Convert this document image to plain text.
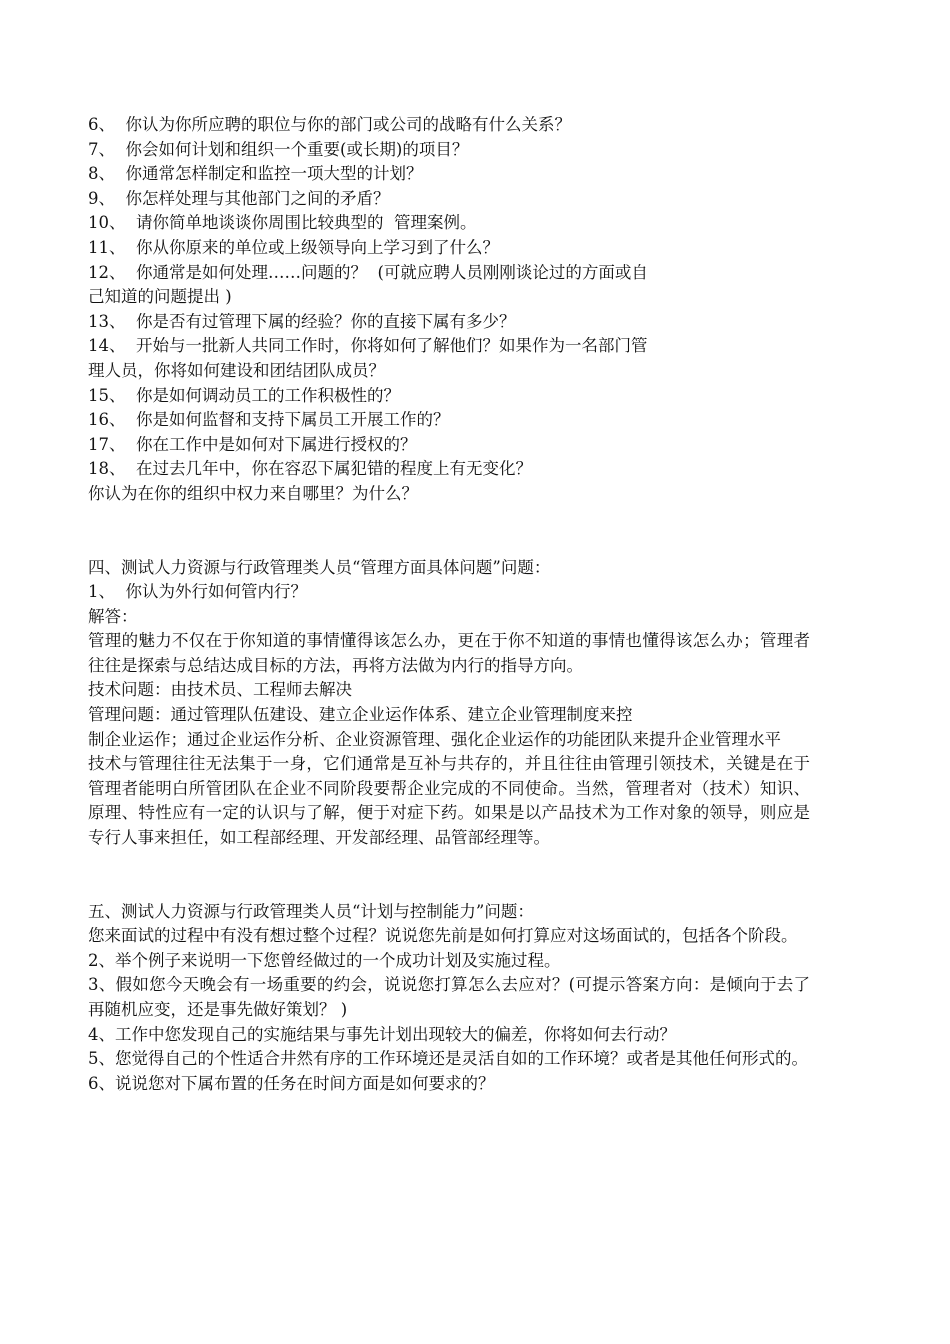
6、  你认为你所应聘的职位与你的部门或公司的战略有什么关系？
7、  你会如何计划和组织一个重要(或长期)的项目？
8、  你通常怎样制定和监控一项大型的计划？
9、  你怎样处理与其他部门之间的矛盾？
10、  请你简单地谈谈你周围比较典型的  管理案例。
11、  你从你原来的单位或上级领导向上学习到了什么？
12、  你通常是如何处理……问题的？  (可就应聘人员刚刚谈论过的方面或自
己知道的问题提出 )
13、  你是否有过管理下属的经验？你的直接下属有多少？
14、  开始与一批新人共同工作时，你将如何了解他们？如果作为一名部门管
理人员，你将如何建设和团结团队成员？
15、  你是如何调动员工的工作积极性的？
16、  你是如何监督和支持下属员工开展工作的？
17、  你在工作中是如何对下属进行授权的？
18、  在过去几年中，你在容忍下属犯错的程度上有无变化？
你认为在你的组织中权力来自哪里？为什么？
四、测试人力资源与行政管理类人员“管理方面具体问题”问题：
1、  你认为外行如何管内行？
解答：
管理的魅力不仅在于你知道的事情懂得该怎么办，更在于你不知道的事情也懂得该怎么办；管理者往往是探索与总结达成目标的方法，再将方法做为内行的指导方向。
技术问题：由技术员、工程师去解决
管理问题：通过管理队伍建设、建立企业运作体系、建立企业管理制度来控
制企业运作；通过企业运作分析、企业资源管理、强化企业运作的功能团队来提升企业管理水平
技术与管理往往无法集于一身，它们通常是互补与共存的，并且往往由管理引领技术，关键是在于管理者能明白所管团队在企业不同阶段要帮企业完成的不同使命。当然，管理者对（技术）知识、原理、特性应有一定的认识与了解，便于对症下药。如果是以产品技术为工作对象的领导，则应是专行人事来担任，如工程部经理、开发部经理、品管部经理等。
五、测试人力资源与行政管理类人员“计划与控制能力”问题：
您来面试的过程中有没有想过整个过程？说说您先前是如何打算应对这场面试的，包括各个阶段。
2、举个例子来说明一下您曾经做过的一个成功计划及实施过程。
3、假如您今天晚会有一场重要的约会，说说您打算怎么去应对？(可提示答案方向：是倾向于去了再随机应变，还是事先做好策划？ )
4、工作中您发现自己的实施结果与事先计划出现较大的偏差，你将如何去行动？
5、您觉得自己的个性适合井然有序的工作环境还是灵活自如的工作环境？或者是其他任何形式的。
6、说说您对下属布置的任务在时间方面是如何要求的？
